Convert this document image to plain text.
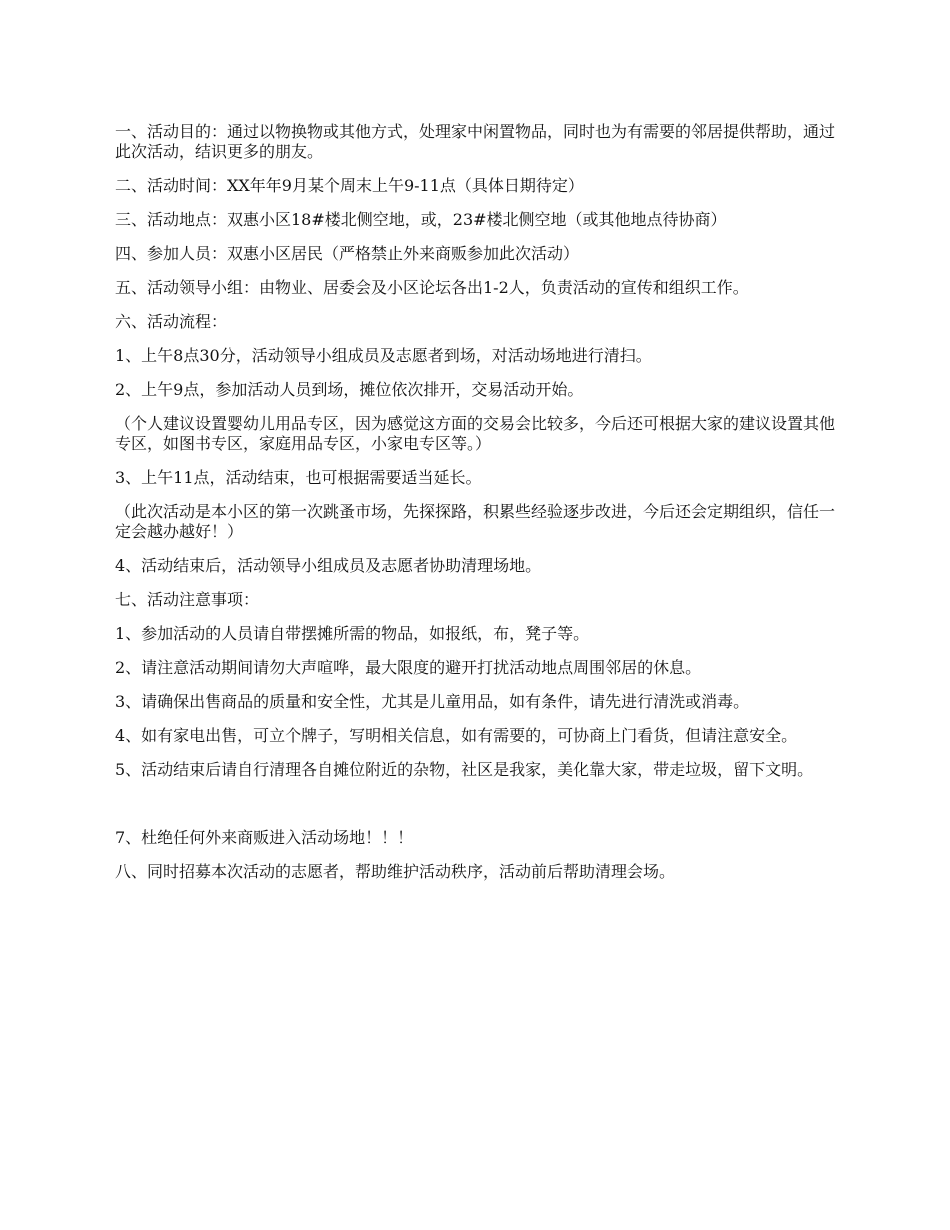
一、活动目的：通过以物换物或其他方式，处理家中闲置物品，同时也为有需要的邻居提供帮助，通过此次活动，结识更多的朋友。

二、活动时间：XX年年9月某个周末上午9-11点（具体日期待定）

三、活动地点：双惠小区18#楼北侧空地，或，23#楼北侧空地（或其他地点待协商）

四、参加人员：双惠小区居民（严格禁止外来商贩参加此次活动）

五、活动领导小组：由物业、居委会及小区论坛各出1-2人，负责活动的宣传和组织工作。

六、活动流程：

1、上午8点30分，活动领导小组成员及志愿者到场，对活动场地进行清扫。

2、上午9点，参加活动人员到场，摊位依次排开，交易活动开始。

（个人建议设置婴幼儿用品专区，因为感觉这方面的交易会比较多，今后还可根据大家的建议设置其他专区，如图书专区，家庭用品专区，小家电专区等。）

3、上午11点，活动结束，也可根据需要适当延长。

（此次活动是本小区的第一次跳蚤市场，先探探路，积累些经验逐步改进，今后还会定期组织，信任一定会越办越好！）

4、活动结束后，活动领导小组成员及志愿者协助清理场地。

七、活动注意事项：

1、参加活动的人员请自带摆摊所需的物品，如报纸，布，凳子等。

2、请注意活动期间请勿大声喧哗，最大限度的避开打扰活动地点周围邻居的休息。

3、请确保出售商品的质量和安全性，尤其是儿童用品，如有条件，请先进行清洗或消毒。

4、如有家电出售，可立个牌子，写明相关信息，如有需要的，可协商上门看货，但请注意安全。

5、活动结束后请自行清理各自摊位附近的杂物，社区是我家，美化靠大家，带走垃圾，留下文明。

7、杜绝任何外来商贩进入活动场地！！！

八、同时招募本次活动的志愿者，帮助维护活动秩序，活动前后帮助清理会场。
